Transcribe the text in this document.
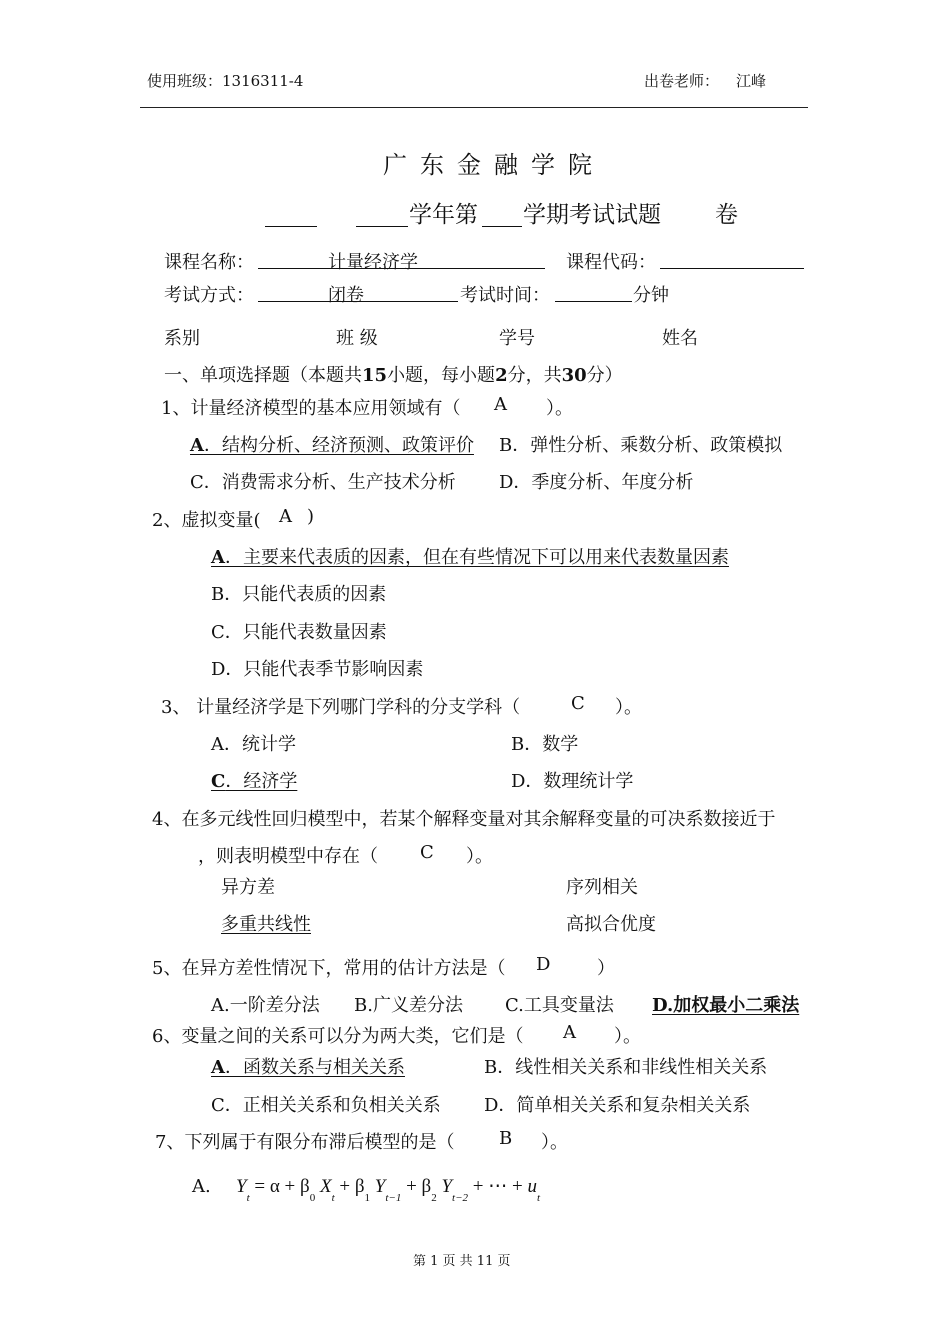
使用班级：1316311-4	出卷老师： 江峰
广东金融学院
学年第 学期考试试题 卷
课程名称：	计量经济学	课程代码：
考试方式：	闭卷	考试时间：	分钟
系别	班 级	学号	姓名
一、单项选择题（本题共15小题，每小题2分，共30分）
1、计量经济模型的基本应用领域有（ A ）。
A．结构分析、经济预测、政策评价 B．弹性分析、乘数分析、政策模拟
C．消费需求分析、生产技术分析 D．季度分析、年度分析
2、虚拟变量( A )
A．主要来代表质的因素，但在有些情况下可以用来代表数量因素
B．只能代表质的因素
C．只能代表数量因素
D．只能代表季节影响因素
3、 计量经济学是下列哪门学科的分支学科（	C ）。
A．统计学	B．数学
C．经济学	D．数理统计学
4、在多元线性回归模型中，若某个解释变量对其余解释变量的可决系数接近于
，则表明模型中存在（ C ）。
异方差	序列相关
多重共线性	高拟合优度
5、在异方差性情况下，常用的估计方法是（ D	）
A.一阶差分法 B.广义差分法 C.工具变量法 D.加权最小二乘法
6、变量之间的关系可以分为两大类，它们是（ A ）。
A．函数关系与相关关系	B．线性相关关系和非线性相关关系
C．正相关关系和负相关关系 D．简单相关关系和复杂相关关系
7、下列属于有限分布滞后模型的是（ B ）。
A. $Y_t = \alpha + \beta_0$ $X_t + \beta_1$ $Y_{t-1} + \beta_2$ $Y_{t-2}$ + ⋯ + $u_t$
第 1 页 共 11 页
